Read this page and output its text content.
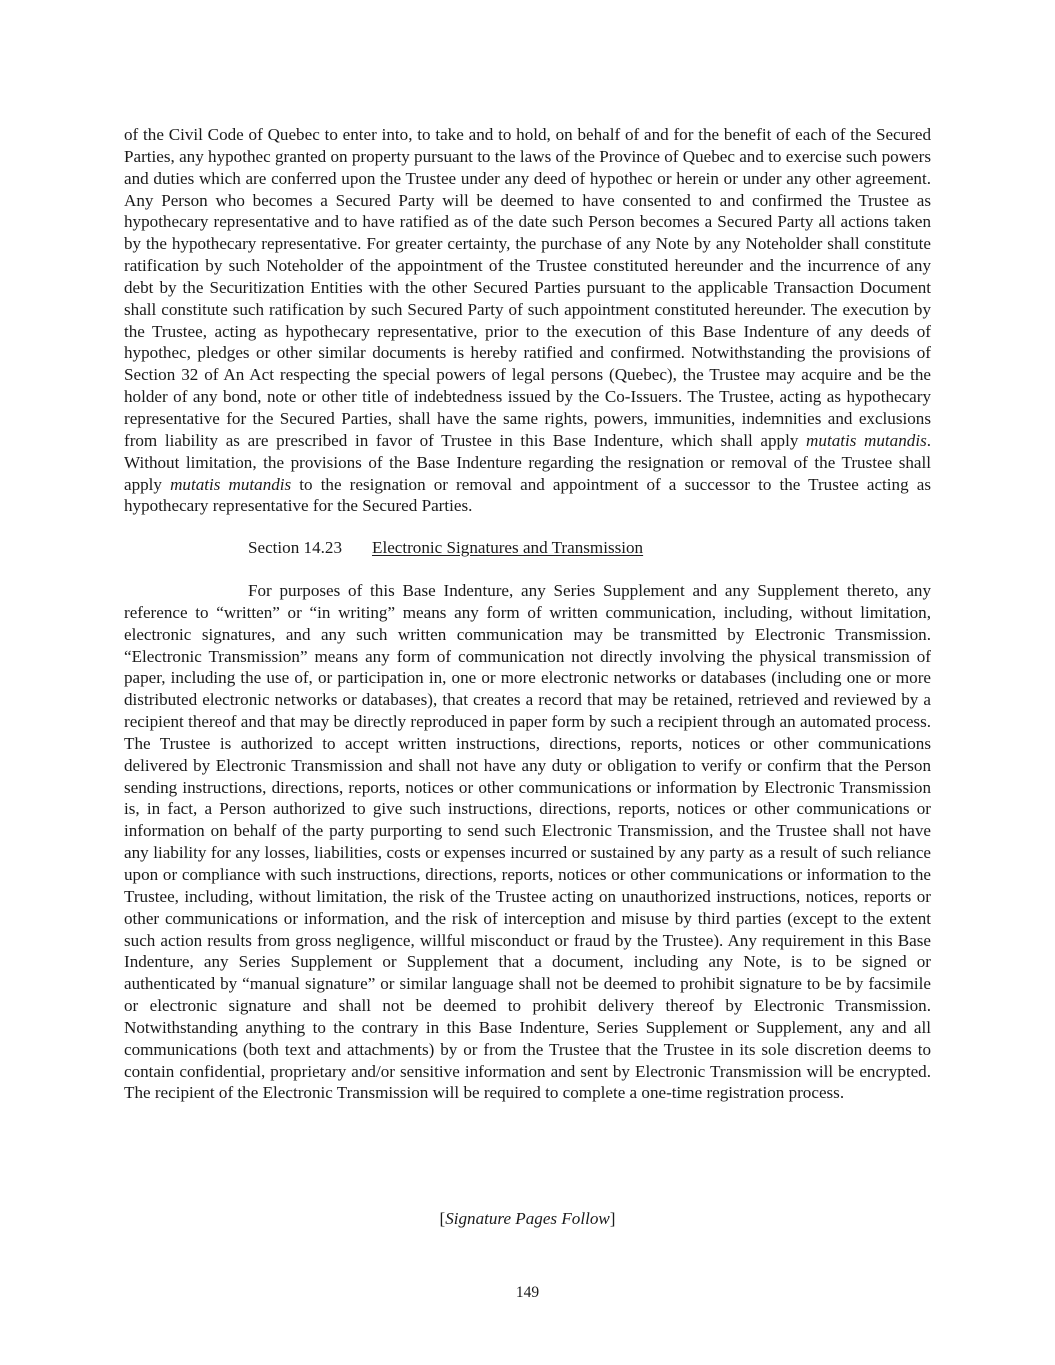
of the Civil Code of Quebec to enter into, to take and to hold, on behalf of and for the benefit of each of the Secured Parties, any hypothec granted on property pursuant to the laws of the Province of Quebec and to exercise such powers and duties which are conferred upon the Trustee under any deed of hypothec or herein or under any other agreement. Any Person who becomes a Secured Party will be deemed to have consented to and confirmed the Trustee as hypothecary representative and to have ratified as of the date such Person becomes a Secured Party all actions taken by the hypothecary representative. For greater certainty, the purchase of any Note by any Noteholder shall constitute ratification by such Noteholder of the appointment of the Trustee constituted hereunder and the incurrence of any debt by the Securitization Entities with the other Secured Parties pursuant to the applicable Transaction Document shall constitute such ratification by such Secured Party of such appointment constituted hereunder. The execution by the Trustee, acting as hypothecary representative, prior to the execution of this Base Indenture of any deeds of hypothec, pledges or other similar documents is hereby ratified and confirmed. Notwithstanding the provisions of Section 32 of An Act respecting the special powers of legal persons (Quebec), the Trustee may acquire and be the holder of any bond, note or other title of indebtedness issued by the Co-Issuers. The Trustee, acting as hypothecary representative for the Secured Parties, shall have the same rights, powers, immunities, indemnities and exclusions from liability as are prescribed in favor of Trustee in this Base Indenture, which shall apply mutatis mutandis. Without limitation, the provisions of the Base Indenture regarding the resignation or removal of the Trustee shall apply mutatis mutandis to the resignation or removal and appointment of a successor to the Trustee acting as hypothecary representative for the Secured Parties.

Section 14.23 Electronic Signatures and Transmission

For purposes of this Base Indenture, any Series Supplement and any Supplement thereto, any reference to “written” or “in writing” means any form of written communication, including, without limitation, electronic signatures, and any such written communication may be transmitted by Electronic Transmission. “Electronic Transmission” means any form of communication not directly involving the physical transmission of paper, including the use of, or participation in, one or more electronic networks or databases (including one or more distributed electronic networks or databases), that creates a record that may be retained, retrieved and reviewed by a recipient thereof and that may be directly reproduced in paper form by such a recipient through an automated process. The Trustee is authorized to accept written instructions, directions, reports, notices or other communications delivered by Electronic Transmission and shall not have any duty or obligation to verify or confirm that the Person sending instructions, directions, reports, notices or other communications or information by Electronic Transmission is, in fact, a Person authorized to give such instructions, directions, reports, notices or other communications or information on behalf of the party purporting to send such Electronic Transmission, and the Trustee shall not have any liability for any losses, liabilities, costs or expenses incurred or sustained by any party as a result of such reliance upon or compliance with such instructions, directions, reports, notices or other communications or information to the Trustee, including, without limitation, the risk of the Trustee acting on unauthorized instructions, notices, reports or other communications or information, and the risk of interception and misuse by third parties (except to the extent such action results from gross negligence, willful misconduct or fraud by the Trustee). Any requirement in this Base Indenture, any Series Supplement or Supplement that a document, including any Note, is to be signed or authenticated by “manual signature” or similar language shall not be deemed to prohibit signature to be by facsimile or electronic signature and shall not be deemed to prohibit delivery thereof by Electronic Transmission. Notwithstanding anything to the contrary in this Base Indenture, Series Supplement or Supplement, any and all communications (both text and attachments) by or from the Trustee that the Trustee in its sole discretion deems to contain confidential, proprietary and/or sensitive information and sent by Electronic Transmission will be encrypted. The recipient of the Electronic Transmission will be required to complete a one-time registration process.

[Signature Pages Follow]
149
